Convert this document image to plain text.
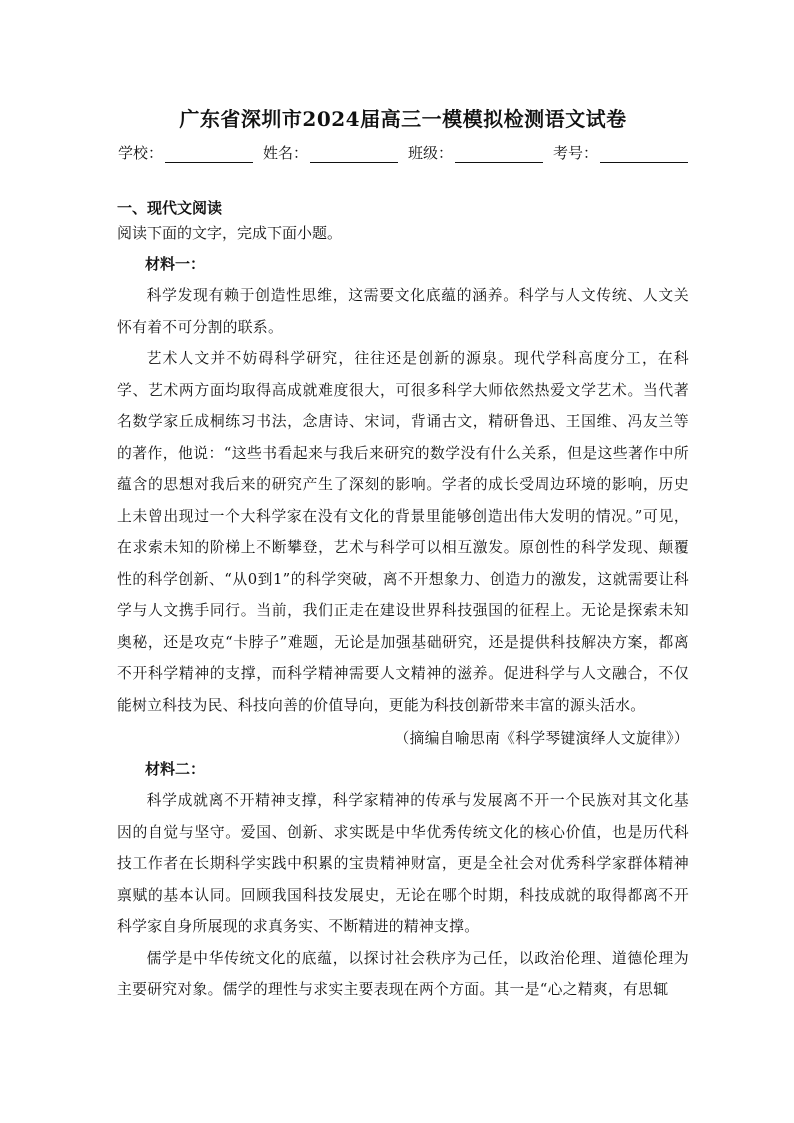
广东省深圳市2024届高三一模模拟检测语文试卷
学校：	姓名：	班级：	考号：
一、现代文阅读
阅读下面的文字，完成下面小题。
材料一：

科学发现有赖于创造性思维，这需要文化底蕴的涵养。科学与人文传统、人文关怀有着不可分割的联系。

艺术人文并不妨碍科学研究，往往还是创新的源泉。现代学科高度分工，在科学、艺术两方面均取得高成就难度很大，可很多科学大师依然热爱文学艺术。当代著名数学家丘成桐练习书法，念唐诗、宋词，背诵古文，精研鲁迅、王国维、冯友兰等的著作，他说：“这些书看起来与我后来研究的数学没有什么关系，但是这些著作中所蕴含的思想对我后来的研究产生了深刻的影响。学者的成长受周边环境的影响，历史上未曾出现过一个大科学家在没有文化的背景里能够创造出伟大发明的情况。”可见，在求索未知的阶梯上不断攀登，艺术与科学可以相互激发。原创性的科学发现、颠覆性的科学创新、“从0到1”的科学突破，离不开想象力、创造力的激发，这就需要让科学与人文携手同行。当前，我们正走在建设世界科技强国的征程上。无论是探索未知奥秘，还是攻克“卡脖子”难题，无论是加强基础研究，还是提供科技解决方案，都离不开科学精神的支撑，而科学精神需要人文精神的滋养。促进科学与人文融合，不仅能树立科技为民、科技向善的价值导向，更能为科技创新带来丰富的源头活水。

（摘编自喻思南《科学琴键演绎人文旋律》）
材料二：

科学成就离不开精神支撑，科学家精神的传承与发展离不开一个民族对其文化基因的自觉与坚守。爱国、创新、求实既是中华优秀传统文化的核心价值，也是历代科技工作者在长期科学实践中积累的宝贵精神财富，更是全社会对优秀科学家群体精神禀赋的基本认同。回顾我国科技发展史，无论在哪个时期，科技成就的取得都离不开科学家自身所展现的求真务实、不断精进的精神支撑。

儒学是中华传统文化的底蕴，以探讨社会秩序为己任，以政治伦理、道德伦理为主要研究对象。儒学的理性与求实主要表现在两个方面。其一是“心之精爽，有思辄
